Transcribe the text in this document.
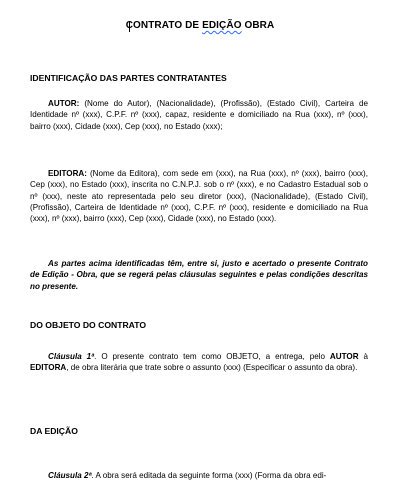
CONTRATO DE EDIÇÃO OBRA
IDENTIFICAÇÃO DAS PARTES CONTRATANTES
AUTOR: (Nome do Autor), (Nacionalidade), (Profissão), (Estado Civil), Carteira de Identidade nº (xxx), C.P.F. nº (xxx), capaz, residente e domiciliado na Rua (xxx), nº (xxx), bairro (xxx), Cidade (xxx), Cep (xxx), no Estado (xxx);
EDITORA: (Nome da Editora), com sede em (xxx), na Rua (xxx), nº (xxx), bairro (xxx), Cep (xxx), no Estado (xxx), inscrita no C.N.P.J. sob o nº (xxx), e no Cadastro Estadual sob o nº (xxx), neste ato representada pelo seu diretor (xxx), (Nacionalidade), (Estado Civil), (Profissão), Carteira de Identidade nº (xxx), C.P.F. nº (xxx), residente e domiciliado na Rua (xxx), nº (xxx), bairro (xxx), Cep (xxx), Cidade (xxx), no Estado (xxx).
As partes acima identificadas têm, entre si, justo e acertado o presente Contrato de Edição - Obra, que se regerá pelas cláusulas seguintes e pelas condições descritas no presente.
DO OBJETO DO CONTRATO
Cláusula 1ª. O presente contrato tem como OBJETO, a entrega, pelo AUTOR à EDITORA, de obra literária que trate sobre o assunto (xxx) (Especificar o assunto da obra).
DA EDIÇÃO
Cláusula 2ª. A obra será editada da seguinte forma (xxx) (Forma da obra edi-
